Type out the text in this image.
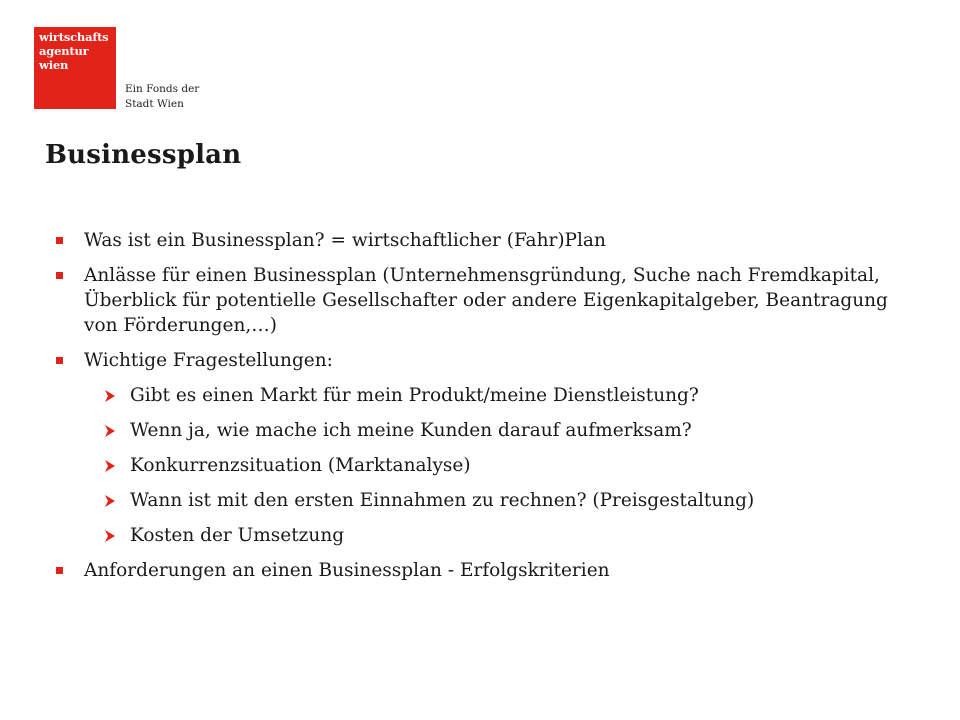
wirtschafts
agentur
wien
Ein Fonds der
Stadt Wien
Businessplan
Was ist ein Businessplan? = wirtschaftlicher (Fahr)Plan
Anlässe für einen Businessplan (Unternehmensgründung, Suche nach Fremdkapital, Überblick für potentielle Gesellschafter oder andere Eigenkapitalgeber, Beantragung von Förderungen,…)
Wichtige Fragestellungen:
Gibt es einen Markt für mein Produkt/meine Dienstleistung?
Wenn ja, wie mache ich meine Kunden darauf aufmerksam?
Konkurrenzsituation (Marktanalyse)
Wann ist mit den ersten Einnahmen zu rechnen? (Preisgestaltung)
Kosten der Umsetzung
Anforderungen an einen Businessplan - Erfolgskriterien
